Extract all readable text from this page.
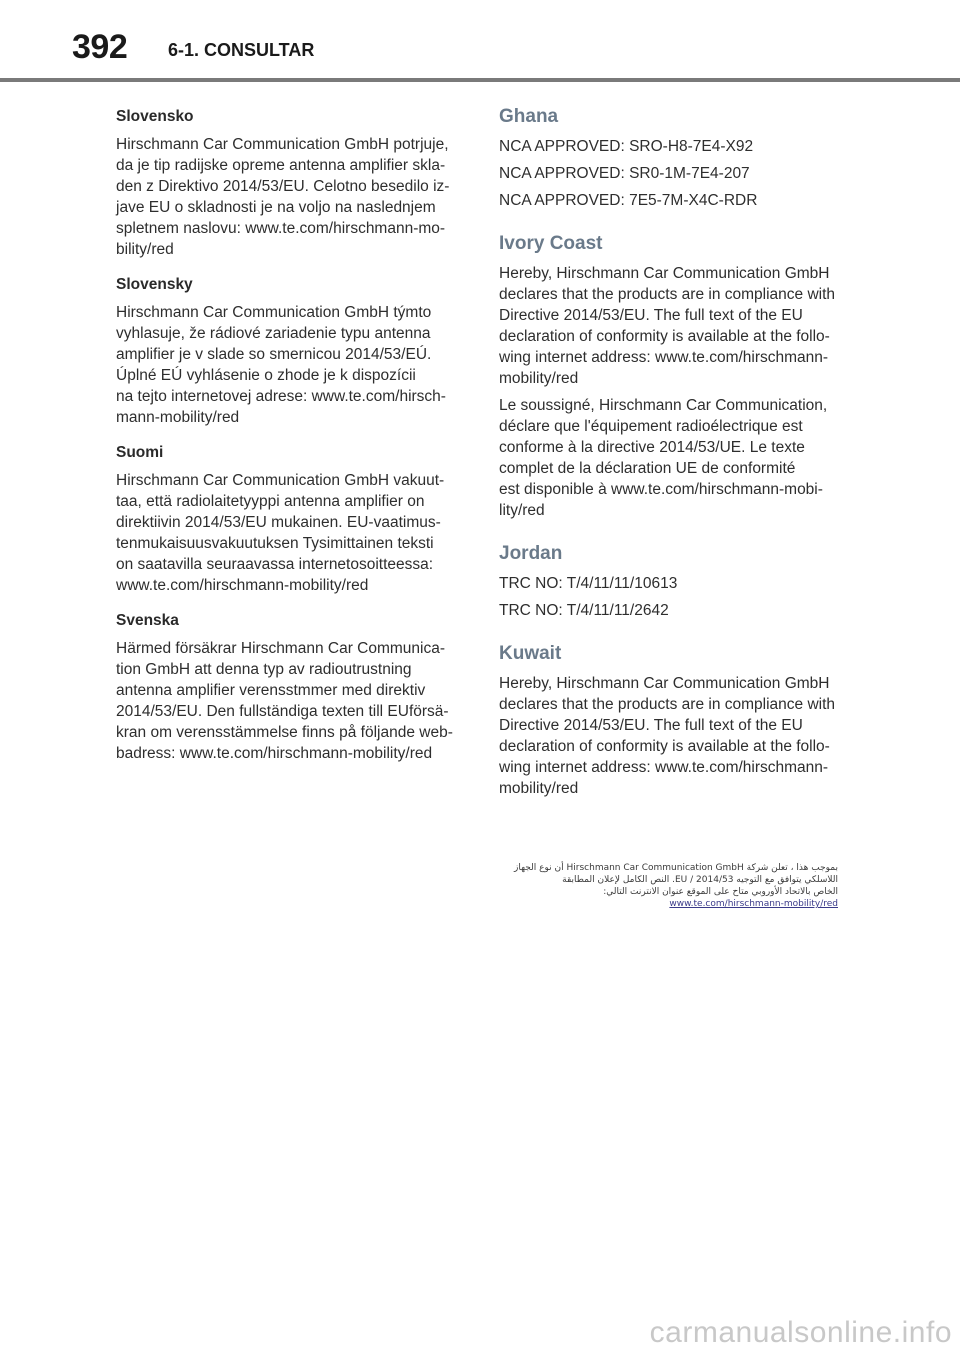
392 6-1. CONSULTAR
Slovensko
Hirschmann Car Communication GmbH potrjuje,
da je tip radijske opreme antenna amplifier skla-
den z Direktivo 2014/53/EU. Celotno besedilo iz-
jave EU o skladnosti je na voljo na naslednjem
spletnem naslovu: www.te.com/hirschmann-mo-
bility/red
Slovensky
Hirschmann Car Communication GmbH týmto
vyhlasuje, že rádiové zariadenie typu antenna
amplifier je v slade so smernicou 2014/53/EÚ.
Úplné EÚ vyhlásenie o zhode je k dispozícii
na tejto internetovej adrese: www.te.com/hirsch-
mann-mobility/red
Suomi
Hirschmann Car Communication GmbH vakuut-
taa, että radiolaitetyyppi antenna amplifier on
direktiivin 2014/53/EU mukainen. EU-vaatimus-
tenmukaisuusvakuutuksen Tysimittainen teksti
on saatavilla seuraavassa internetosoitteessa:
www.te.com/hirschmann-mobility/red
Svenska
Härmed försäkrar Hirschmann Car Communica-
tion GmbH att denna typ av radioutrustning
antenna amplifier verensstmmer med direktiv
2014/53/EU. Den fullständiga texten till EUförsä-
kran om verensstämmelse finns på följande web-
badress: www.te.com/hirschmann-mobility/red
Ghana
NCA APPROVED: SRO-H8-7E4-X92
NCA APPROVED: SR0-1M-7E4-207
NCA APPROVED: 7E5-7M-X4C-RDR
Ivory Coast
Hereby, Hirschmann Car Communication GmbH
declares that the products are in compliance with
Directive 2014/53/EU. The full text of the EU
declaration of conformity is available at the follo-
wing internet address: www.te.com/hirschmann-
mobility/red
Le soussigné, Hirschmann Car Communication,
déclare que l'équipement radioélectrique est
conforme à la directive 2014/53/UE. Le texte
complet de la déclaration UE de conformité
est disponible à www.te.com/hirschmann-mobi-
lity/red
Jordan
TRC NO: T/4/11/11/10613
TRC NO: T/4/11/11/2642
Kuwait
Hereby, Hirschmann Car Communication GmbH
declares that the products are in compliance with
Directive 2014/53/EU. The full text of the EU
declaration of conformity is available at the follo-
wing internet address: www.te.com/hirschmann-
mobility/red
بموجب هذا ، تعلن شركة Hirschmann Car Communication GmbH أن نوع الجهاز
اللاسلكي يتوافق مع التوجيه 2014/53 / EU. النص الكامل لإعلان المطابقة
الخاص بالاتحاد الأوروبي متاح على الموقع عنوان الانترنت التالي:
www.te.com/hirschmann-mobility/red
carmanualsonline.info
